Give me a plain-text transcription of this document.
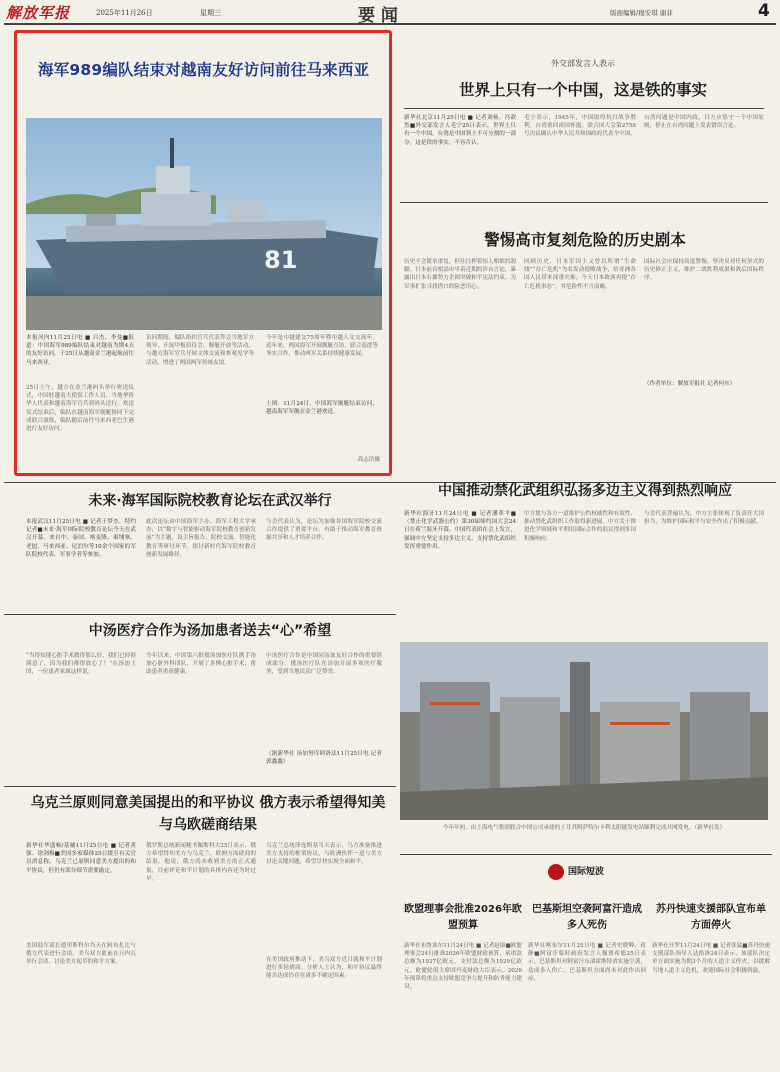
解放军报	2025年11月26日	星期三	要 闻	版面编辑/穆安琪 谢菲	4
海军989编队结束对越南友好访问前往马来西亚
81
本报河内11月25日电 ■ 吕杰、李曼■报道：中国海军989编队结束对越南为期4天的友好访问，于25日从越南金兰港起航前往马来西亚。
25日上午，越方在金兰港码头举行欢送仪式，中国驻越南大使馆工作人员、当地华侨华人代表和越南海军官兵到码头送行。欢送仪式结束后，编队在越南海军舰艇协同下完成联合演练，编队随后前往马来西亚巴生港进行友好访问。
访问期间，编队组织官兵代表拜会当地军方领导，开展甲板招待会、舰艇开放等活动，与越方海军官兵开展文体交流和参观见学等活动，增进了两国两军传统友谊。
今年是中越建交75周年暨中越人文交流年。近年来，两国海军开展舰艇互访、联合巡逻等务实合作，推动两军关系持续健康发展。
上图：11月24日，中国海军舰艇结束访问，越南海军军舰在金兰港欢送。
高志浩摄
外交部发言人表示
世界上只有一个中国，这是铁的事实
新华社北京11月25日电 ■ 记者刘杨、冯歆然■外交部发言人毛宁25日表示，世界上只有一个中国，台湾是中国领土不可分割的一部分。这是铁的事实，不容否认。
毛宁表示，1945年，中国取得抗日战争胜利，台湾重回祖国怀抱。联合国大会第2758号决议确认中华人民共和国政府代表全中国。
台湾问题是中国内政，日方应恪守一个中国原则，停止在台湾问题上发表错误言论。
警惕高市复刻危险的历史剧本
历史不会简单重复，但往往押着惊人相似的韵脚。日本前首相高市早苗近期的涉台言论，暴露出日本右翼势力企图突破和平宪法约束、为军事扩张寻找借口的险恶用心。
回顾历史，日本军国主义曾以所谓“生命线”“存亡危机”为名发动侵略战争，给亚洲各国人民带来深重灾难。今天日本政客再提“存亡危机事态”，其危险性不言而喻。
国际社会应保持高度警惕，坚决反对任何形式的历史修正主义，维护二战胜利成果和战后国际秩序。
（作者单位：解放军报社 记者何东）
未来·海军国际院校教育论坛在武汉举行
本报武汉11月25日电 ■ 记者王梦杰、特约记者■未来·海军国际院校教育论坛今天在武汉开幕。来自中、泰国、喀麦隆、柬埔寨、老挝、马来西亚、尼泊尔等10余个国家的军队院校代表、军事学者等参加。
此次论坛由中国海军主办、海军工程大学承办，以“数字与智能驱动海军院校教育创新发展”为主题，设主旨报告、院校交流、智能化教育等研讨环节，探讨新时代海军院校教育创新发展路径。
与会代表认为，论坛为加强各国海军院校交流合作提供了重要平台，有助于推动海军教育资源共享和人才培养合作。
中汤医疗合作为汤加患者送去“心”希望
“当得知能心脏手术做得那么好，我们已经很满意了，因为我们都很放心了！”在汤加王国，一位患者家属这样说。
今年以来，中国第六批援汤加医疗队携手汤加心脏外科团队，开展了多例心脏手术，帮助患者重获健康。
中汤医疗合作是中国同汤加友好合作的重要组成部分。援汤医疗队在汤加开展多项医疗服务，受到当地民众广泛赞誉。
（据新华社 汤加努库阿洛法11月25日电 记者郭鑫鑫）
中国推动禁化武组织弘扬多边主义得到热烈响应
新华社海牙11月24日电 ■ 记者潘革平■（禁止化学武器公约）第30届缔约国大会24日在荷兰海牙开幕。中国代表团在会上发言，强调中方坚定支持多边主义，支持禁化武组织发挥重要作用。
中方愿与各方一道维护公约权威性和有效性，推动禁化武组织工作取得新进展。中方关于推进化学领域和平利用国际合作的倡议得到多国积极响应。
与会代表普遍认为，中方主张体现了负责任大国担当，为维护国际和平与安全作出了积极贡献。
今年年初，由上海电气集团联合中国公司承建的土耳其阿萨特尔卡利太阳能发电站顺利完成并网发电。（新华社发）
乌克兰原则同意美国提出的和平协议 俄方表示希望得知美与乌欧磋商结果
新华社华盛顿/基辅11月25日电 ■ 记者黄强、徐剑梅■美国多家媒体25日援引有关官员消息称，乌克兰已原则同意美方提出的和平协议，但仍有部分细节需要敲定。
美国陆军部长德里斯科尔当天在阿布扎比与俄方代表进行会谈。美乌双方此前在日内瓦举行会谈，讨论美方起草的和平方案。
俄罗斯总统新闻秘书佩斯科夫25日表示，俄方希望得知美方与乌克兰、欧洲方面磋商的结果。他说，俄方尚未收到美方的正式通报，目前评论和平计划的具体内容还为时过早。
乌克兰总统泽连斯基当天表示，乌方准备推进美方支持的框架协议，与欧洲伙伴一道与美方讨论关键问题，希望尽快实现全面和平。
在美国政府推动下，美乌双方近日就和平计划进行多轮磋商。分析人士认为，和平协议最终能否达成仍存在诸多不确定因素。
国际短波
欧盟理事会批准2026年欧盟预算
新华社布鲁塞尔11月24日电 ■ 记者赵康■欧盟理事会24日批准2026年欧盟财政预算，承诺款总额为1927亿欧元，支付款总额为1929亿欧元。欧盟轮值主席国丹麦财政大臣表示，2026年预算将重点支持欧盟竞争力提升和防务能力建设。
巴基斯坦空袭阿富汗造成多人死伤
新华社喀布尔11月25日电 ■ 记者史晓辉、蒋静■阿富汗临时政府发言人穆贾希德25日表示，巴基斯坦对阿富汗东部霍斯特省实施空袭，造成多人伤亡。巴基斯坦方面尚未对此作出回应。
苏丹快速支援部队宣布单方面停火
新华社开罗11月24日电 ■ 记者张猛■苏丹快速支援部队领导人达格洛24日表示，该部队决定单方面实施为期3个月的人道主义停火，以缓解当地人道主义危机，欢迎国际社会积极斡旋。
